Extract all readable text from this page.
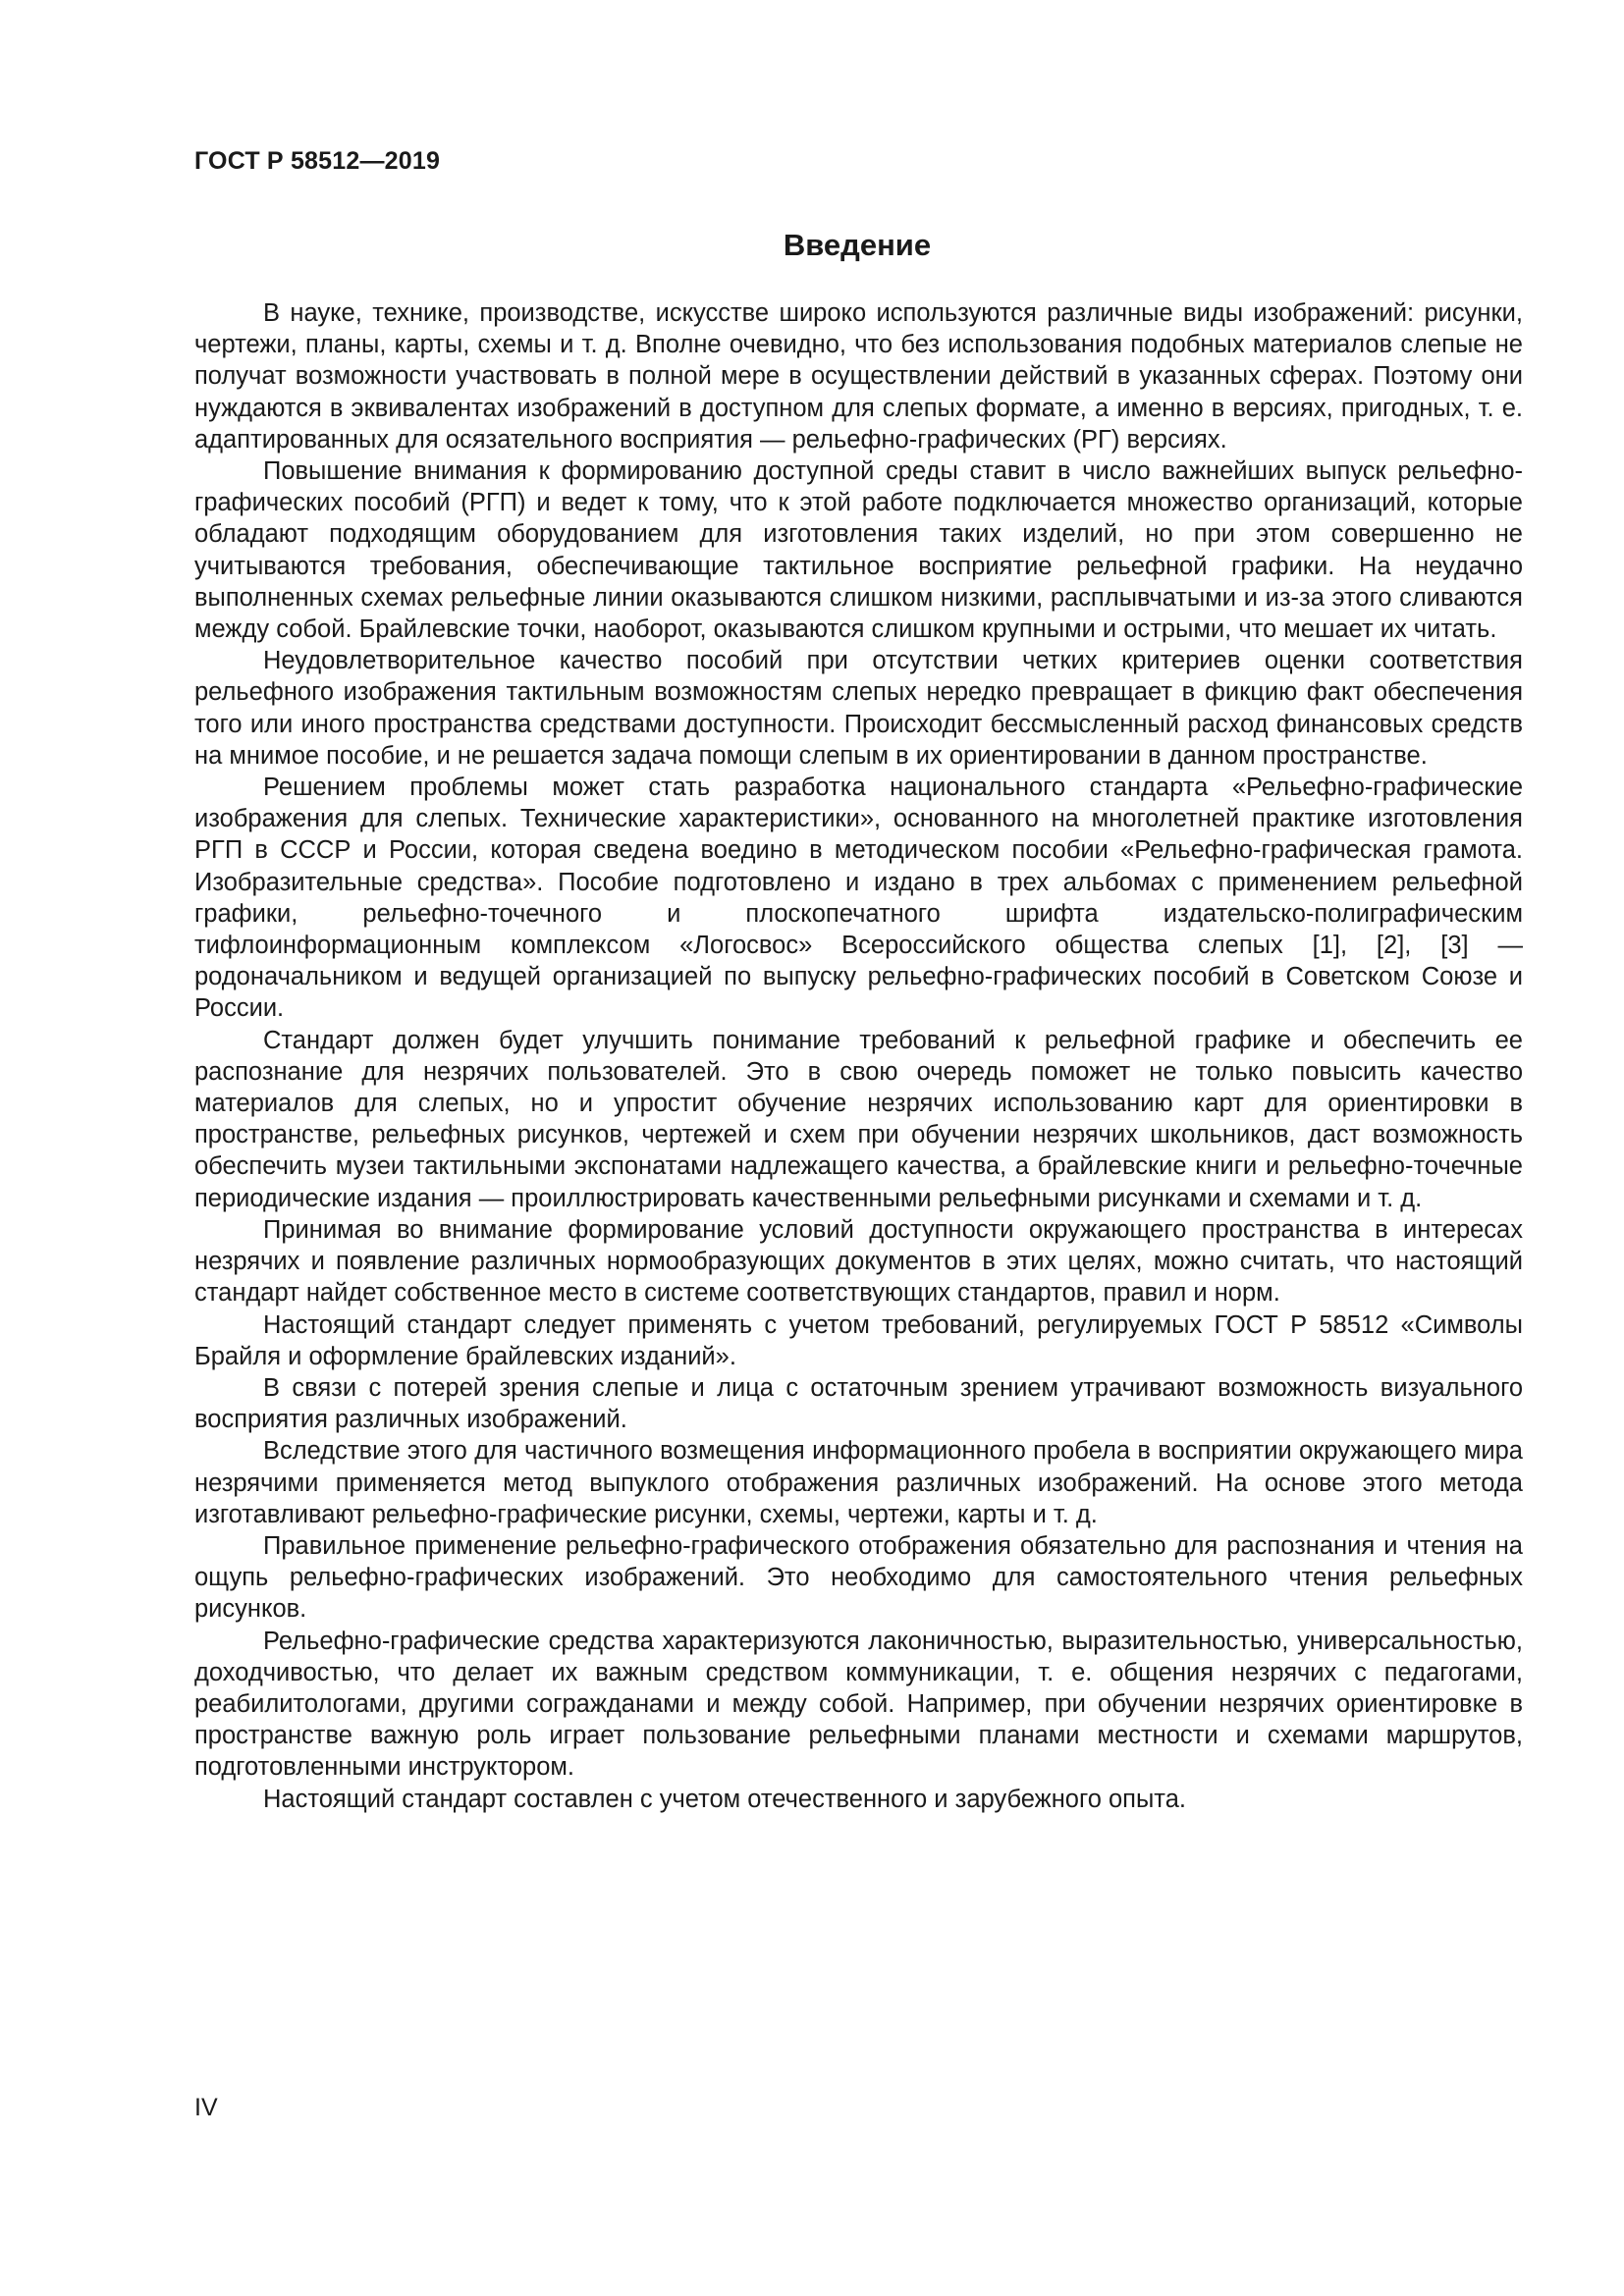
ГОСТ Р 58512—2019
Введение

В науке, технике, производстве, искусстве широко используются различные виды изображений: рисунки, чертежи, планы, карты, схемы и т. д. Вполне очевидно, что без использования подобных материалов слепые не получат возможности участвовать в полной мере в осуществлении действий в указанных сферах. Поэтому они нуждаются в эквивалентах изображений в доступном для слепых формате, а именно в версиях, пригодных, т. е. адаптированных для осязательного восприятия — рельефно-графических (РГ) версиях.

Повышение внимания к формированию доступной среды ставит в число важнейших выпуск рельефно-графических пособий (РГП) и ведет к тому, что к этой работе подключается множество организаций, которые обладают подходящим оборудованием для изготовления таких изделий, но при этом совершенно не учитываются требования, обеспечивающие тактильное восприятие рельефной графики. На неудачно выполненных схемах рельефные линии оказываются слишком низкими, расплывчатыми и из-за этого сливаются между собой. Брайлевские точки, наоборот, оказываются слишком крупными и острыми, что мешает их читать.

Неудовлетворительное качество пособий при отсутствии четких критериев оценки соответствия рельефного изображения тактильным возможностям слепых нередко превращает в фикцию факт обеспечения того или иного пространства средствами доступности. Происходит бессмысленный расход финансовых средств на мнимое пособие, и не решается задача помощи слепым в их ориентировании в данном пространстве.

Решением проблемы может стать разработка национального стандарта «Рельефно-графические изображения для слепых. Технические характеристики», основанного на многолетней практике изготовления РГП в СССР и России, которая сведена воедино в методическом пособии «Рельефно-графическая грамота. Изобразительные средства». Пособие подготовлено и издано в трех альбомах с применением рельефной графики, рельефно-точечного и плоскопечатного шрифта издательско-полиграфическим тифлоинформационным комплексом «Логосвос» Всероссийского общества слепых [1], [2], [3] — родоначальником и ведущей организацией по выпуску рельефно-графических пособий в Советском Союзе и России.

Стандарт должен будет улучшить понимание требований к рельефной графике и обеспечить ее распознание для незрячих пользователей. Это в свою очередь поможет не только повысить качество материалов для слепых, но и упростит обучение незрячих использованию карт для ориентировки в пространстве, рельефных рисунков, чертежей и схем при обучении незрячих школьников, даст возможность обеспечить музеи тактильными экспонатами надлежащего качества, а брайлевские книги и рельефно-точечные периодические издания — проиллюстрировать качественными рельефными рисунками и схемами и т. д.

Принимая во внимание формирование условий доступности окружающего пространства в интересах незрячих и появление различных нормообразующих документов в этих целях, можно считать, что настоящий стандарт найдет собственное место в системе соответствующих стандартов, правил и норм.

Настоящий стандарт следует применять с учетом требований, регулируемых ГОСТ Р 58512 «Символы Брайля и оформление брайлевских изданий».

В связи с потерей зрения слепые и лица с остаточным зрением утрачивают возможность визуального восприятия различных изображений.

Вследствие этого для частичного возмещения информационного пробела в восприятии окружающего мира незрячими применяется метод выпуклого отображения различных изображений. На основе этого метода изготавливают рельефно-графические рисунки, схемы, чертежи, карты и т. д.

Правильное применение рельефно-графического отображения обязательно для распознания и чтения на ощупь рельефно-графических изображений. Это необходимо для самостоятельного чтения рельефных рисунков.

Рельефно-графические средства характеризуются лаконичностью, выразительностью, универсальностью, доходчивостью, что делает их важным средством коммуникации, т. е. общения незрячих с педагогами, реабилитологами, другими согражданами и между собой. Например, при обучении незрячих ориентировке в пространстве важную роль играет пользование рельефными планами местности и схемами маршрутов, подготовленными инструктором.

Настоящий стандарт составлен с учетом отечественного и зарубежного опыта.

IV
